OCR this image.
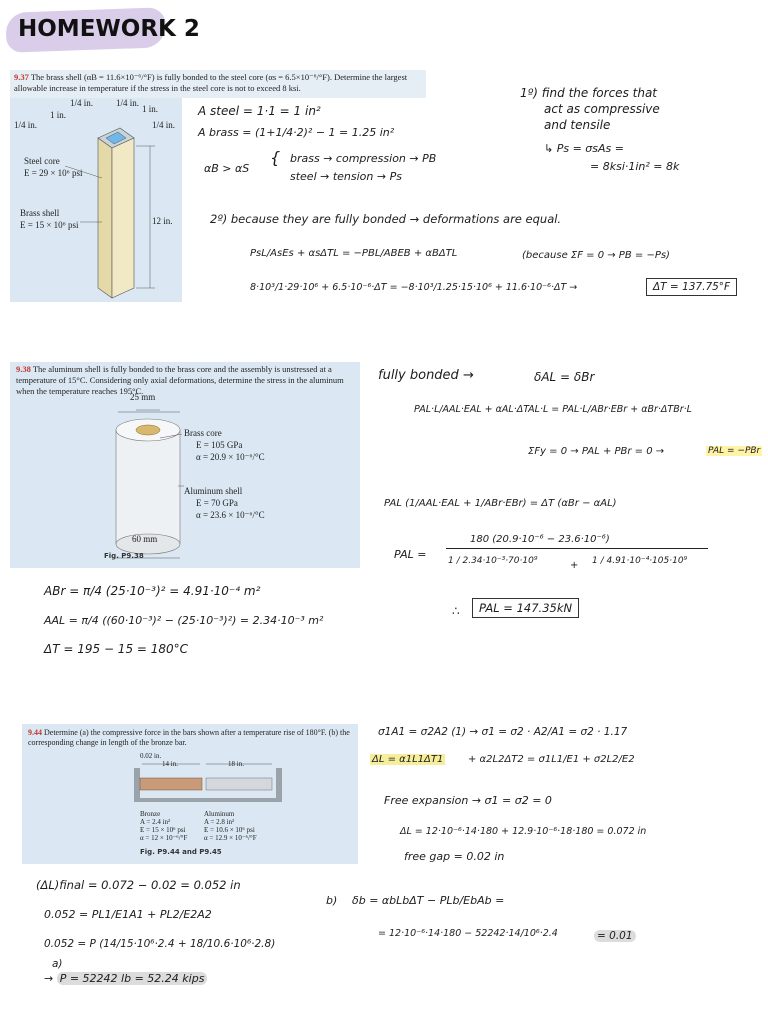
HOMEWORK 2
9.37 The brass shell (αB = 11.6×10⁻⁶/°F) is fully bonded to the steel core (αs = 6.5×10⁻⁶/°F). Determine the largest allowable increase in temperature if the stress in the steel core is not to exceed 8 ksi.
1/4 in.	1/4 in.
1 in.
1 in.
1/4 in.	1/4 in.
Steel core
E = 29 × 10⁶ psi
Brass shell
E = 15 × 10⁶ psi	12 in.
A steel = 1·1 = 1 in²
A brass = (1+1/4·2)² − 1 = 1.25 in²
αB > αS
{ brass → compression → PB
steel → tension → Ps
1º) find the forces that
act as compressive
and tensile
↳ Ps = σsAs =
= 8ksi·1in² = 8k
2º) because they are fully bonded → deformations are equal.
PsL/AsEs + αsΔTL = −PBL/ABEB + αBΔTL	(because ΣF = 0 → PB = −Ps)
8·10³/1·29·10⁶ + 6.5·10⁻⁶·ΔT = −8·10³/1.25·15·10⁶ + 11.6·10⁻⁶·ΔT →	ΔT = 137.75°F
9.38 The aluminum shell is fully bonded to the brass core and the assembly is unstressed at a temperature of 15°C. Considering only axial deformations, determine the stress in the aluminum when the temperature reaches 195°C.
25 mm
Brass core
E = 105 GPa
α = 20.9 × 10⁻⁶/°C
Aluminum shell
E = 70 GPa
α = 23.6 × 10⁻⁶/°C
60 mm
Fig. P9.38
fully bonded →	δAL = δBr
PAL·L/AAL·EAL + αAL·ΔTAL·L = PAL·L/ABr·EBr + αBr·ΔTBr·L
ΣFy = 0 → PAL + PBr = 0 →	PAL = −PBr
PAL (1/AAL·EAL + 1/ABr·EBr) = ΔT (αBr − αAL)
PAL =
180 (20.9·10⁻⁶ − 23.6·10⁻⁶)
1 / 2.34·10⁻³·70·10⁹	+ 1 / 4.91·10⁻⁴·105·10⁹
∴	PAL = 147.35kN
ABr = π/4 (25·10⁻³)² = 4.91·10⁻⁴ m²
AAL = π/4 ((60·10⁻³)² − (25·10⁻³)²) = 2.34·10⁻³ m²
ΔT = 195 − 15 = 180°C
9.44 Determine (a) the compressive force in the bars shown after a temperature rise of 180°F. (b) the corresponding change in length of the bronze bar.
0.02 in.
14 in.	18 in.
Bronze
A = 2.4 in²
E = 15 × 10⁶ psi
α = 12 × 10⁻⁶/°F
Aluminum
A = 2.8 in²
E = 10.6 × 10⁶ psi
α = 12.9 × 10⁻⁶/°F
Fig. P9.44 and P9.45
σ1A1 = σ2A2 (1) → σ1 = σ2 · A2/A1 = σ2 · 1.17
ΔL = α1L1ΔT1 + α2L2ΔT2 = σ1L1/E1 + σ2L2/E2
Free expansion → σ1 = σ2 = 0
ΔL = 12·10⁻⁶·14·180 + 12.9·10⁻⁶·18·180 = 0.072 in
free gap = 0.02 in
(ΔL)final = 0.072 − 0.02 = 0.052 in
0.052 = PL1/E1A1 + PL2/E2A2
0.052 = P (14/15·10⁶·2.4 + 18/10.6·10⁶·2.8)
a)
→ P = 52242 lb = 52.24 kips
b) δb = αbLbΔT − PLb/EbAb =
= 12·10⁻⁶·14·180 − 52242·14/10⁶·2.4	= 0.01
